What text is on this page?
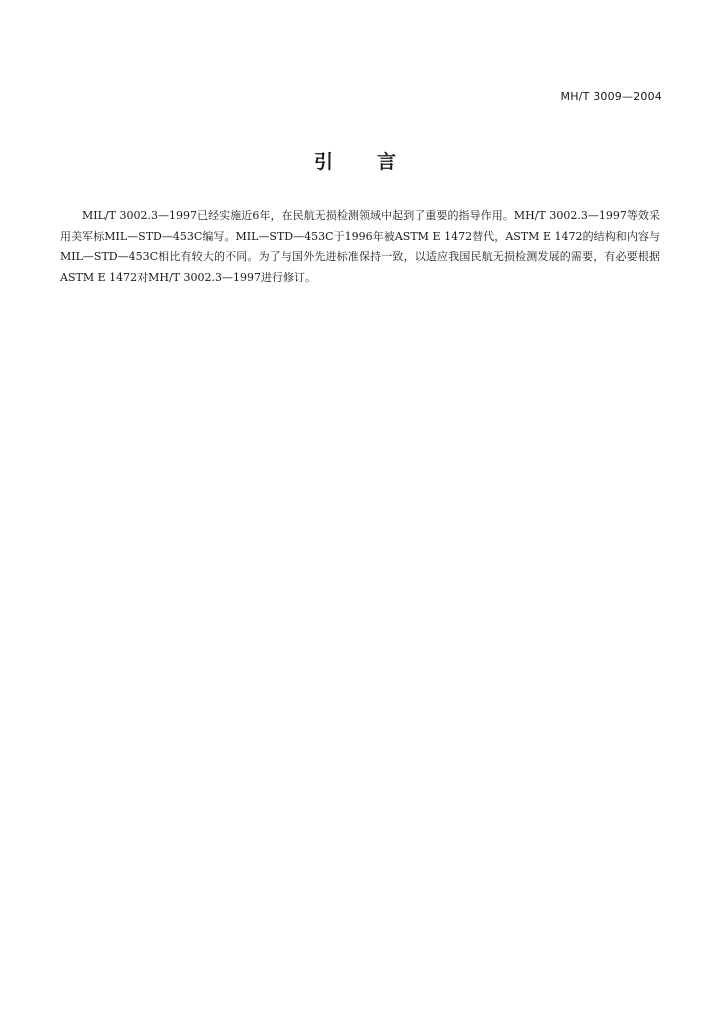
MH/T 3009—2004
引言

MIL/T 3002.3—1997已经实施近6年，在民航无损检测领域中起到了重要的指导作用。MH/T 3002.3—1997等效采用美军标MIL—STD—453C编写。MIL—STD—453C于1996年被ASTM E 1472替代，ASTM E 1472的结构和内容与MIL—STD—453C相比有较大的不同。为了与国外先进标准保持一致，以适应我国民航无损检测发展的需要，有必要根据ASTM E 1472对MH/T 3002.3—1997进行修订。
